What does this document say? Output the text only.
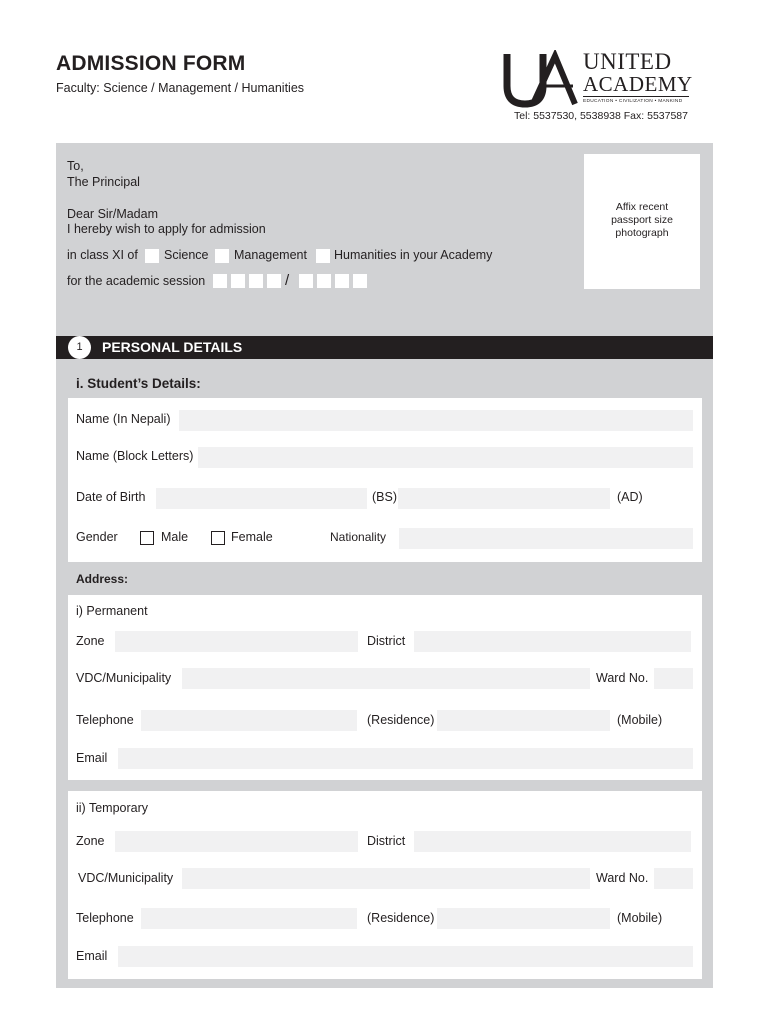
ADMISSION FORM
Faculty: Science / Management / Humanities
UNITED
ACADEMY
EDUCATION • CIVILIZATION • MANKIND
Tel: 5537530, 5538938 Fax: 5537587
To,
The Principal
Dear Sir/Madam
I hereby wish to apply for admission
in class XI of Science Management Humanities in your Academy
for the academic session	/
Affix recent
passport size
photograph
1	PERSONAL DETAILS
i. Student’s Details:
Name (In Nepali)
Name (Block Letters)
Date of Birth	(BS)	(AD)
Gender	Male	Female	Nationality
Address:
i) Permanent
Zone	District
VDC/Municipality	Ward No.
Telephone	(Residence)	(Mobile)
Email
ii) Temporary
Zone	District
VDC/Municipality	Ward No.
Telephone	(Residence)	(Mobile)
Email
